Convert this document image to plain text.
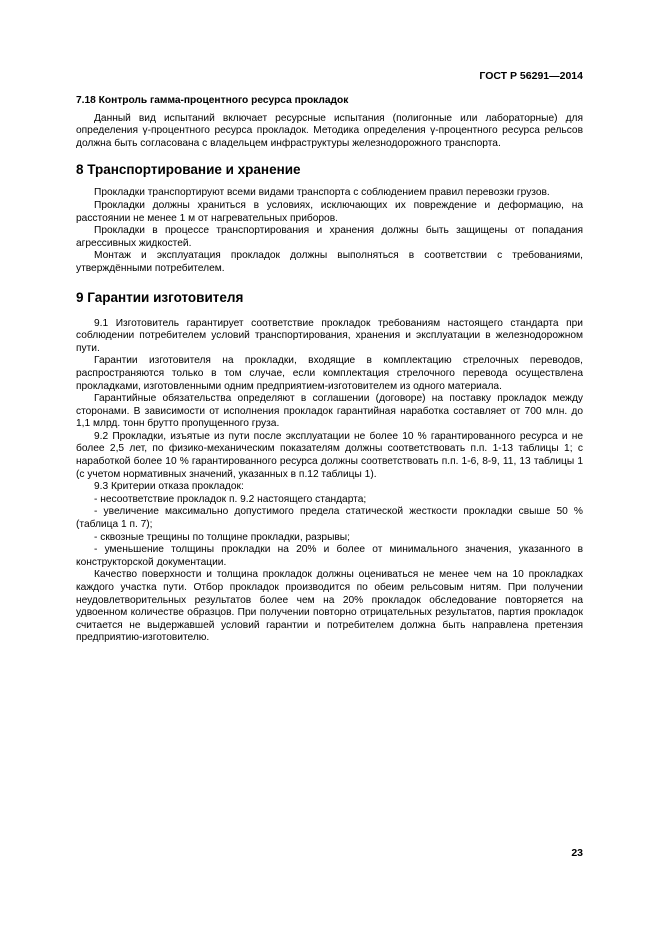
ГОСТ Р 56291—2014
7.18 Контроль гамма-процентного ресурса прокладок

Данный вид испытаний включает ресурсные испытания (полигонные или лабораторные) для определения γ-процентного ресурса прокладок. Методика определения γ-процентного ресурса рельсов должна быть согласована с владельцем инфраструктуры железнодорожного транспорта.

8 Транспортирование и хранение

Прокладки транспортируют всеми видами транспорта с соблюдением правил перевозки грузов.

Прокладки должны храниться в условиях, исключающих их повреждение и деформацию, на расстоянии не менее 1 м от нагревательных приборов.

Прокладки в процессе транспортирования и хранения должны быть защищены от попадания агрессивных жидкостей.

Монтаж и эксплуатация прокладок должны выполняться в соответствии с требованиями, утверждёнными потребителем.

9 Гарантии изготовителя

9.1 Изготовитель гарантирует соответствие прокладок требованиям настоящего стандарта при соблюдении потребителем условий транспортирования, хранения и эксплуатации в железнодорожном пути.

Гарантии изготовителя на прокладки, входящие в комплектацию стрелочных переводов, распространяются только в том случае, если комплектация стрелочного перевода осуществлена прокладками, изготовленными одним предприятием-изготовителем из одного материала.

Гарантийные обязательства определяют в соглашении (договоре) на поставку прокладок между сторонами. В зависимости от исполнения прокладок гарантийная наработка составляет от 700 млн. до 1,1 млрд. тонн брутто пропущенного груза.

9.2 Прокладки, изъятые из пути после эксплуатации не более 10 % гарантированного ресурса и не более 2,5 лет, по физико-механическим показателям должны соответствовать п.п. 1-13 таблицы 1; с наработкой более 10 % гарантированного ресурса должны соответствовать п.п. 1-6, 8-9, 11, 13 таблицы 1 (с учетом нормативных значений, указанных в п.12 таблицы 1).

9.3 Критерии отказа прокладок:

- несоответствие прокладок п. 9.2 настоящего стандарта;

- увеличение максимально допустимого предела статической жесткости прокладки свыше 50 % (таблица 1 п. 7);

- сквозные трещины по толщине прокладки, разрывы;

- уменьшение толщины прокладки на 20% и более от минимального значения, указанного в конструкторской документации.

Качество поверхности и толщина прокладок должны оцениваться не менее чем на 10 прокладках каждого участка пути. Отбор прокладок производится по обеим рельсовым нитям. При получении неудовлетворительных результатов более чем на 20% прокладок обследование повторяется на удвоенном количестве образцов. При получении повторно отрицательных результатов, партия прокладок считается не выдержавшей условий гарантии и потребителем должна быть направлена претензия предприятию-изготовителю.

23
